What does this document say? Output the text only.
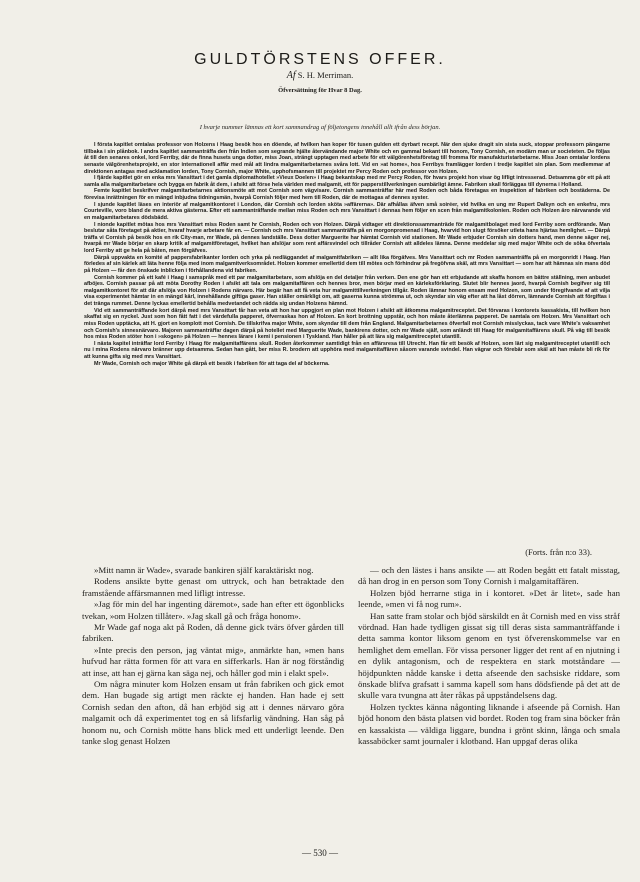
GULDTÖRSTENS OFFER.
Af S. H. Merriman.
Öfversättning för Hvar 8 Dag.
I hvarje nummer lämnas ett kort sammandrag af följetongens innehåll allt ifrån dess början.

I första kapitlet omtalas professor von Holzens i Haag besök hos en döende, af hvilken han koper för tusen gulden ett dyrbart recept. När den sjuke dragit sin sista suck, stoppar professorn pängarne tillbaka i sin plånbok. I andra kapitlet sammanträffa den från Indien som segrande hjälte återvändande major White och en gammal bekant till honom, Tony Cornish, en modärn man ur societeten. De följas åt till den senares onkel, lord Ferriby, där de finna husets unga dotter, miss Joan, strängt upptagen med arbete för ett välgörenhetsföretag till fromma för manufakturistarbetarne. Miss Joan omtalar lordens senaste välgörenhetsprojekt, en stor internationell affär med mål att lindra malgamitarbetarnes svåra lott. Vid en »at home», hos Ferribys framlägger lorden i tredje kapitlet sin plan. Som medlemmar af direktionen antagas med acklamation lorden, Tony Cornish, major White, upphofsmannen till projektet mr Percy Roden och professor von Holzen.

I fjärde kapitlet gör en enka mrs Vansittart i det gamla diplomathotellet »Vieux Doelen» i Haag bekantskap med mr Percy Roden, för hvars projekt hon visar ög lifligt intresserad. Detsamma gör ett på att samla alla malgamitarbetare och bygga en fabrik åt dem, i afsikt att förse hela världen med malgamit, ett för papperstillverkningen oumbärligt ämne. Fabriken skall förläggas till dynerna i Holland.

Femte kapitlet beskrifver malgamitarbetarnes aktionsmöte att mot Cornish som vägvisare. Cornish sammanträffar här med Roden och båda företagas en inspektion af fabriken och bostäderna. De förevisa inrättningen för en mängd inbjudna tidningsmän, hvarpå Cornish följer med hem till Roden, där de mottagas af dennes syster.

I sjunde kapitlet läses en interiör af malgamitkontoret i London, där Cornish och lorden sköta »affärerna». Där afhållas äfven små soiréer, vid hvilka en ung mr Rupert Dalkyn och en enkefru, mrs Courteville, voro bland de mera aktiva gästerna. Efter ett sammanträffande mellan miss Roden och mrs Vansittart i dennas hem följer en scen från malgamitkolonien. Roden och Holzen äro närvarande vid en malgamitarbetares dödsbädd.

I nionde kapitlet mötas hos mrs Vansittart miss Roden samt hr Cornish, Roden och von Holzen. Därpå vidtager ett direktionssammanträde för malgamitbolaget med lord Ferriby som ordförande. Man beslutar såta företaget på aktier, hvaraf hvarje arbetare får en. — Cornish och mrs Vansittart sammanträffa på en morgonpromenad i Haag, hvarvid hon slugt försöker utleta hans hjärtas hemlighet. — Därpå träffa vi Cornish på besök hos en rik City-man, mr Wade, på dennes landställe. Dess dotter Marguerite har hämtat Cornish vid stationen. Mr Wade erbjuder Cornish sin dotters hand, men denne säger nej, hvarpå mr Wade börjar en skarp kritik af malgamitföretaget, hvilket han afslöjar som rent affärsvindel och tillråder Cornish att alldeles lämna. Denne meddelar sig med major White och de söka öfvertala lord Ferriby att ge hela på båten, men förgäfves.

Därpå uppvakta en komité af pappersfabrikanter lorden och yrka på nedläggandet af malgamitfabriken — allt lika förgäfves. Mrs Vansittart och mr Roden sammanträffa på en morgonridt i Haag. Han förledes af sin kärlek att läta henne följa med inom malgamitverksområdet. Holzen kommer emellertid dem till mötes och förhindrar på fregöfvna skäl, att mrs Vansittart — som har att hämnas sin mans död på Holzen — får den önskade inblicken i förhållandena vid fabriken.

Cornish kommer på ett kafé i Haag i samspråk med ett par malgamitarbetare, som afslöja en del detaljer från verken. Den ene gör han ett erbjudande att skaffa honom en bättre ställning, men anbudet afböjes. Cornish passar på att möta Dorothy Roden i afsikt att tala om malgamitaffären och hennes bror, men börjar med en kärleksförklaring. Slutet blir hennes jaord, hvarpå Cornish begifver sig till malgamitkontoret för att där afslöja von Holzen i Rodens närvaro. Här begär han att få veta hur malgamittillverkningen tillgår. Roden lämnar honom ensam med Holzen, som under föregifvande af att vilja visa experimentet hämtar in en mängd kärl, innehållande giftiga gaser. Han ställer omärkligt om, att gaserna kunna strömma ut, och skyndar sin väg efter att ha låst dörren, lämnande Cornish att förgiftas i det tränga rummet. Denne lyckas emellertid behålla medvetandet och rädda sig undan Holzens hämnd.

Vid ett sammanträffande kort därpå med mrs Vansittart får han veta att hon har uppgjort en plan mot Holzen i afsikt att åtkomma malgamitreceptet. Det förvaras i kontorets kassakista, till hvilken hon skaffat sig en nyckel. Just som hon fått fatt i det värdefulla papperet, öfverraskas hon af Holzen. En kort brottning uppstår, och hon måste återlämna papperet. De samtala om Holzen. Mrs Vansittart och miss Roden upptäcka, att H. gjort en komplott mot Cornish. De tillskrifva major White, som skyndar till dem från England. Malgamitarbetarnes öfverfall mot Cornish misslyckas, tack vare White's vaksamhet och Cornish's sinnesnärvaro. Majoren sammanträffar dagen därpå på hotellet med Marguerite Wade, bankirens dotter, och mr Wade själf, som anländt till Haag för malgamitaffärens skull. På väg till besök hos miss Roden stöter hon i »skogen» på Holzen — hennes lärare i kemi i pensionen i Tyskland. Han håller på att lära sig malgamitreceptet utantill.

I nästa kapitel inträffar lord Ferriby i Haag för malgamitaffärens skull. Roden återkommer samtidigt från en affärsresa till Utrecht. Han får ett besök af Holzen, som lärt sig malgamitreceptet utantill och nu i mina Rodens närvaro bränner upp detsamma. Sedan han gått, ber miss R. brodern att upphöra med malgamitaffären såsom varande svindel. Han vägrar och förebär som skäl att han måste bli rik för att kunna gifta sig med mrs Vansittart.

Mr Wade, Cornish och major White gå därpå ett besök i fabriken för att taga del af böckerna.

(Forts. från n:o 33).

»Mitt namn är Wade», svarade bankiren själf karaktäriskt nog.

Rodens ansikte bytte genast om uttryck, och han betraktade den framstående affärsmannen med lifligt intresse.

»Jag för min del har ingenting däremot», sade han efter ett ögonblicks tvekan, »om Holzen tillåter». »Jag skall gå och fråga honom».

Mr Wade gaf noga akt på Roden, då denne gick tvärs öfver gården till fabriken.

»Inte precis den person, jag väntat mig», anmärkte han, »men hans hufvud har rätta formen för att vara en sifferkarls. Han är nog förståndig att inse, att han ej gärna kan säga nej, och håller god min i elakt spel».

Om några minuter kom Holzen ensam ut från fabriken och gick emot dem. Han bugade sig artigt men räckte ej handen. Han hade ej sett Cornish sedan den afton, då han erbjöd sig att i dennes närvaro göra malgamit och då experimentet tog en så lifsfarlig vändning. Han såg på honom nu, och Cornish mötte hans blick med ett underligt leende. Den tanke slog genast Holzen

— och den lästes i hans ansikte — att Roden begått ett fatalt misstag, då han drog in en person som Tony Cornish i malgamitaffären.

Holzen bjöd herrarne stiga in i kontoret. »Det är litet», sade han leende, »men vi få nog rum».

Han satte fram stolar och bjöd särskildt en åt Cornish med en viss stråf vördnad. Han hade tydligen gissat sig till deras sista sammanträffande i detta samma kontor liksom genom en tyst öfverenskommelse var en hemlighet dem emellan. För vissa personer ligger det rent af en njutning i en dylik antagonism, och de respektera en stark motståndare — höjdpunkten nådde kanske i detta afseende den sachsiske riddare, som önskade blifva grafsatt i samma kapell som hans dödsfiende på det att de skulle vara tvungna att åter råkas på uppståndelsens dag.

Holzen tycktes känna någonting liknande i afseende på Cornish. Han bjöd honom den bästa platsen vid bordet. Roden tog fram sina böcker från en kassakista — väldiga liggare, bundna i grönt skinn, långa och smala kassaböcker samt journaler i klotband. Han uppgaf deras olika

— 530 —
